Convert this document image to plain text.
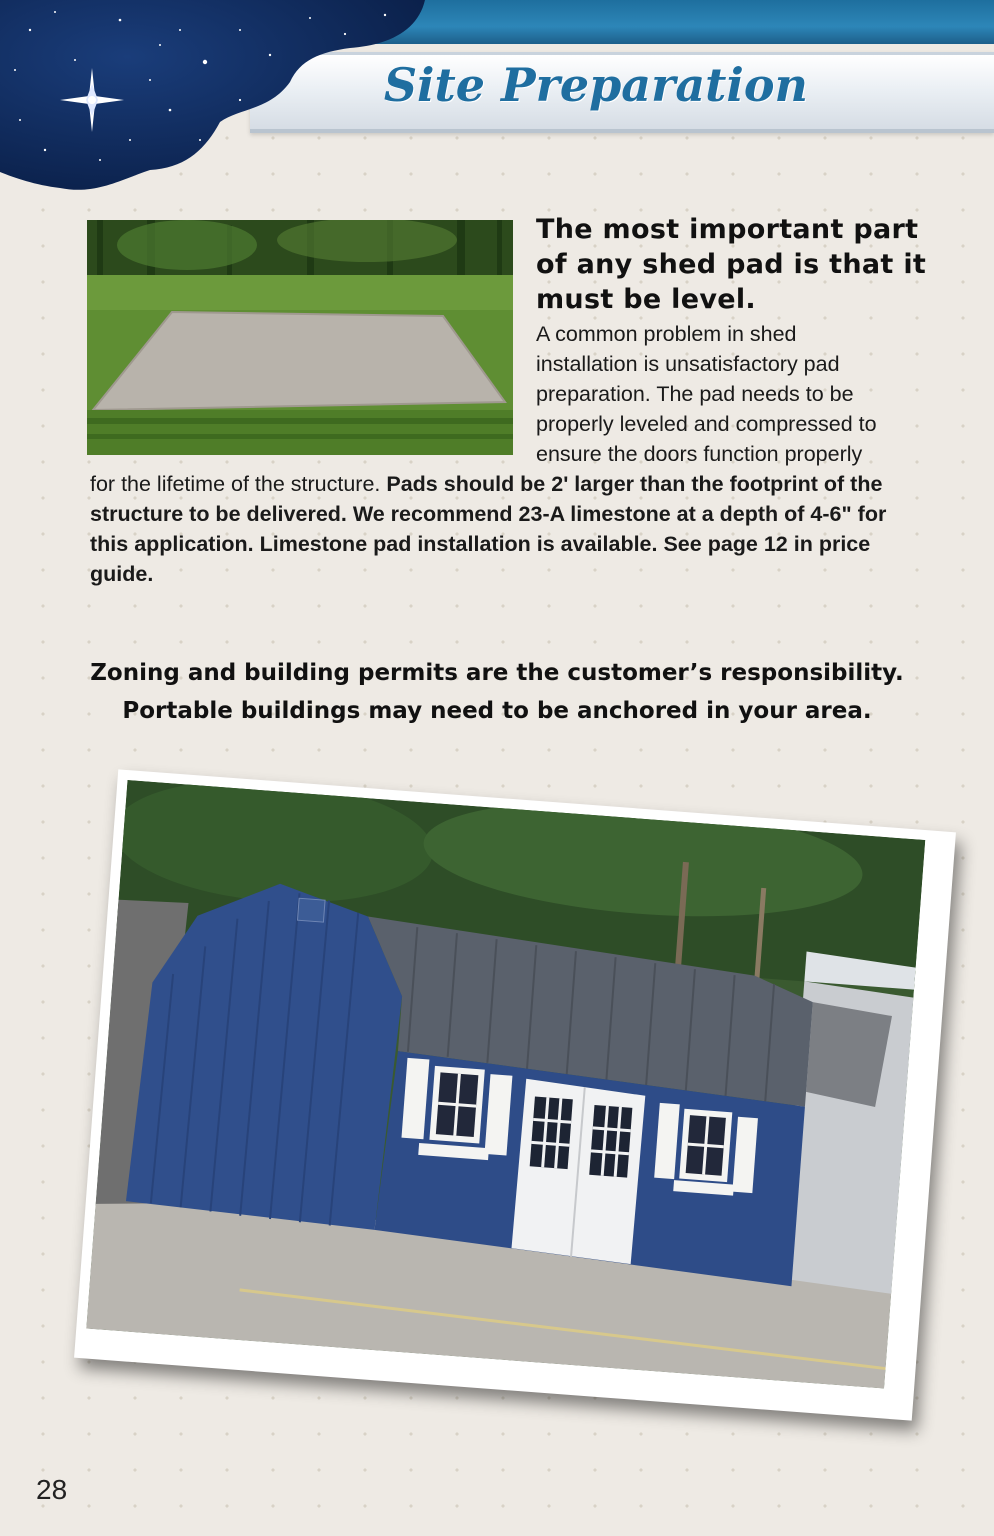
Site Preparation
The most important part of any shed pad is that it must be level.
A common problem in shed
installation is unsatisfactory pad
preparation. The pad needs to be
properly leveled and compressed to
ensure the doors function properly
for the lifetime of the structure. Pads should be 2' larger than the footprint of the structure to be delivered. We recommend 23-A limestone at a depth of 4-6" for this application. Limestone pad installation is available. See page 12 in price guide.
Zoning and building permits are the customer’s responsibility.
Portable buildings may need to be anchored in your area.
28
